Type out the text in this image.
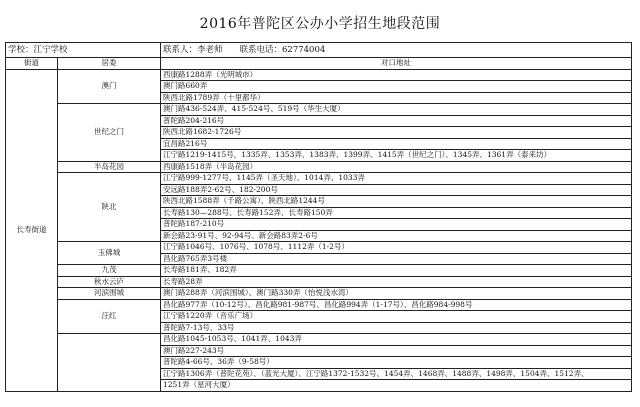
2016年普陀区公办小学招生地段范围
学校：江宁学校		联系人：李老师　　联系电话：62774004
街道	居委	对口地址
长寿街道	澳门	西康路1288弄（光明城市）
		澳门路660弄
		陕西北路1789弄（十里都华）
	世纪之门	澳门路436-524弄、415-524号、519号（华生大厦）
		普陀路204-216号
		陕西北路1682-1726号
		宜昌路216号
		江宁路1219-1415号，1335弄、1353弄、1383弄、1399弄、1415弄（世纪之门）、1345弄、1361弄（泰来坊）
	半岛花园	西康路1518弄（半岛花园）
	陕北	江宁路999-1277号、1145弄（圣天地）、1014弄、1033弄
		安远路188弄2-62号、182-200号
		陕西北路1588弄（千路公寓）、陕西北路1244号
		长寿路130—288号、长寿路152弄、长寿路150弄
		普陀路187-210号
		新会路23-91号、92-94号、新会路83弄2-6号
	玉佛城	江宁路1046号、1076号、1078号、1112弄（1-2号）
		昌化路765弄3号楼
	九茂	长寿路181弄、182弄
	秋水云庐	长寿路28弄
	河滨围城	澳门路288弄（河滨围城）、澳门路330弄（怡悦浅水湾）
	汪红	昌化路977弄（10-12号）、昌化路981-987号、昌化路994弄（1-17号）、昌化路984-998号
		江宁路1220弄（音乐广场）
		普陀路7-13号、33号
		昌化路1045-1053号、1041弄、1043弄
		澳门路227-243号
		普陀路4-66号、36弄（9-58号）
		江宁路1306弄（普陀花苑）、（蓝光大厦）、江宁路1372-1532号、1454弄、1468弄、1488弄、1498弄、1504弄、1512弄、
		1251弄（星河大厦）
